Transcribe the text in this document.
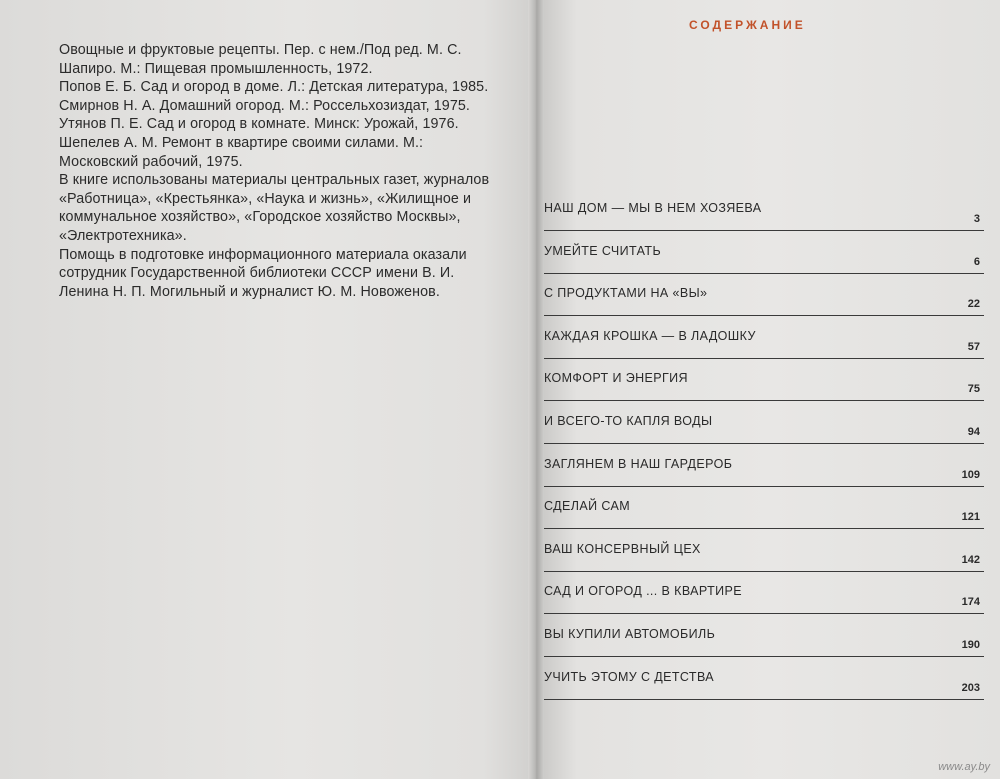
Овощные и фруктовые рецепты. Пер. с нем./Под ред. М. С. Шапиро. М.: Пищевая промышленность, 1972.

Попов Е. Б. Сад и огород в доме. Л.: Детская литература, 1985.

Смирнов Н. А. Домашний огород. М.: Россельхозиздат, 1975.

Утянов П. Е. Сад и огород в комнате. Минск: Урожай, 1976.

Шепелев А. М. Ремонт в квартире своими силами. М.: Московский рабочий, 1975.

В книге использованы материалы центральных газет, журналов «Работница», «Крестьянка», «Наука и жизнь», «Жилищное и коммунальное хозяйство», «Городское хозяйство Москвы», «Электротехника».

Помощь в подготовке информационного материала оказали сотрудник Государственной библиотеки СССР имени В. И. Ленина Н. П. Могильный и журналист Ю. М. Новоженов.

СОДЕРЖАНИЕ
НАШ ДОМ — МЫ В НЕМ ХОЗЯЕВА
3
УМЕЙТЕ СЧИТАТЬ
6
С ПРОДУКТАМИ НА «ВЫ»
22
КАЖДАЯ КРОШКА — В ЛАДОШКУ
57
КОМФОРТ И ЭНЕРГИЯ
75
И ВСЕГО-ТО КАПЛЯ ВОДЫ
94
ЗАГЛЯНЕМ В НАШ ГАРДЕРОБ
109
СДЕЛАЙ САМ
121
ВАШ КОНСЕРВНЫЙ ЦЕХ
142
САД И ОГОРОД ... В КВАРТИРЕ
174
ВЫ КУПИЛИ АВТОМОБИЛЬ
190
УЧИТЬ ЭТОМУ С ДЕТСТВА
203
www.ay.by
